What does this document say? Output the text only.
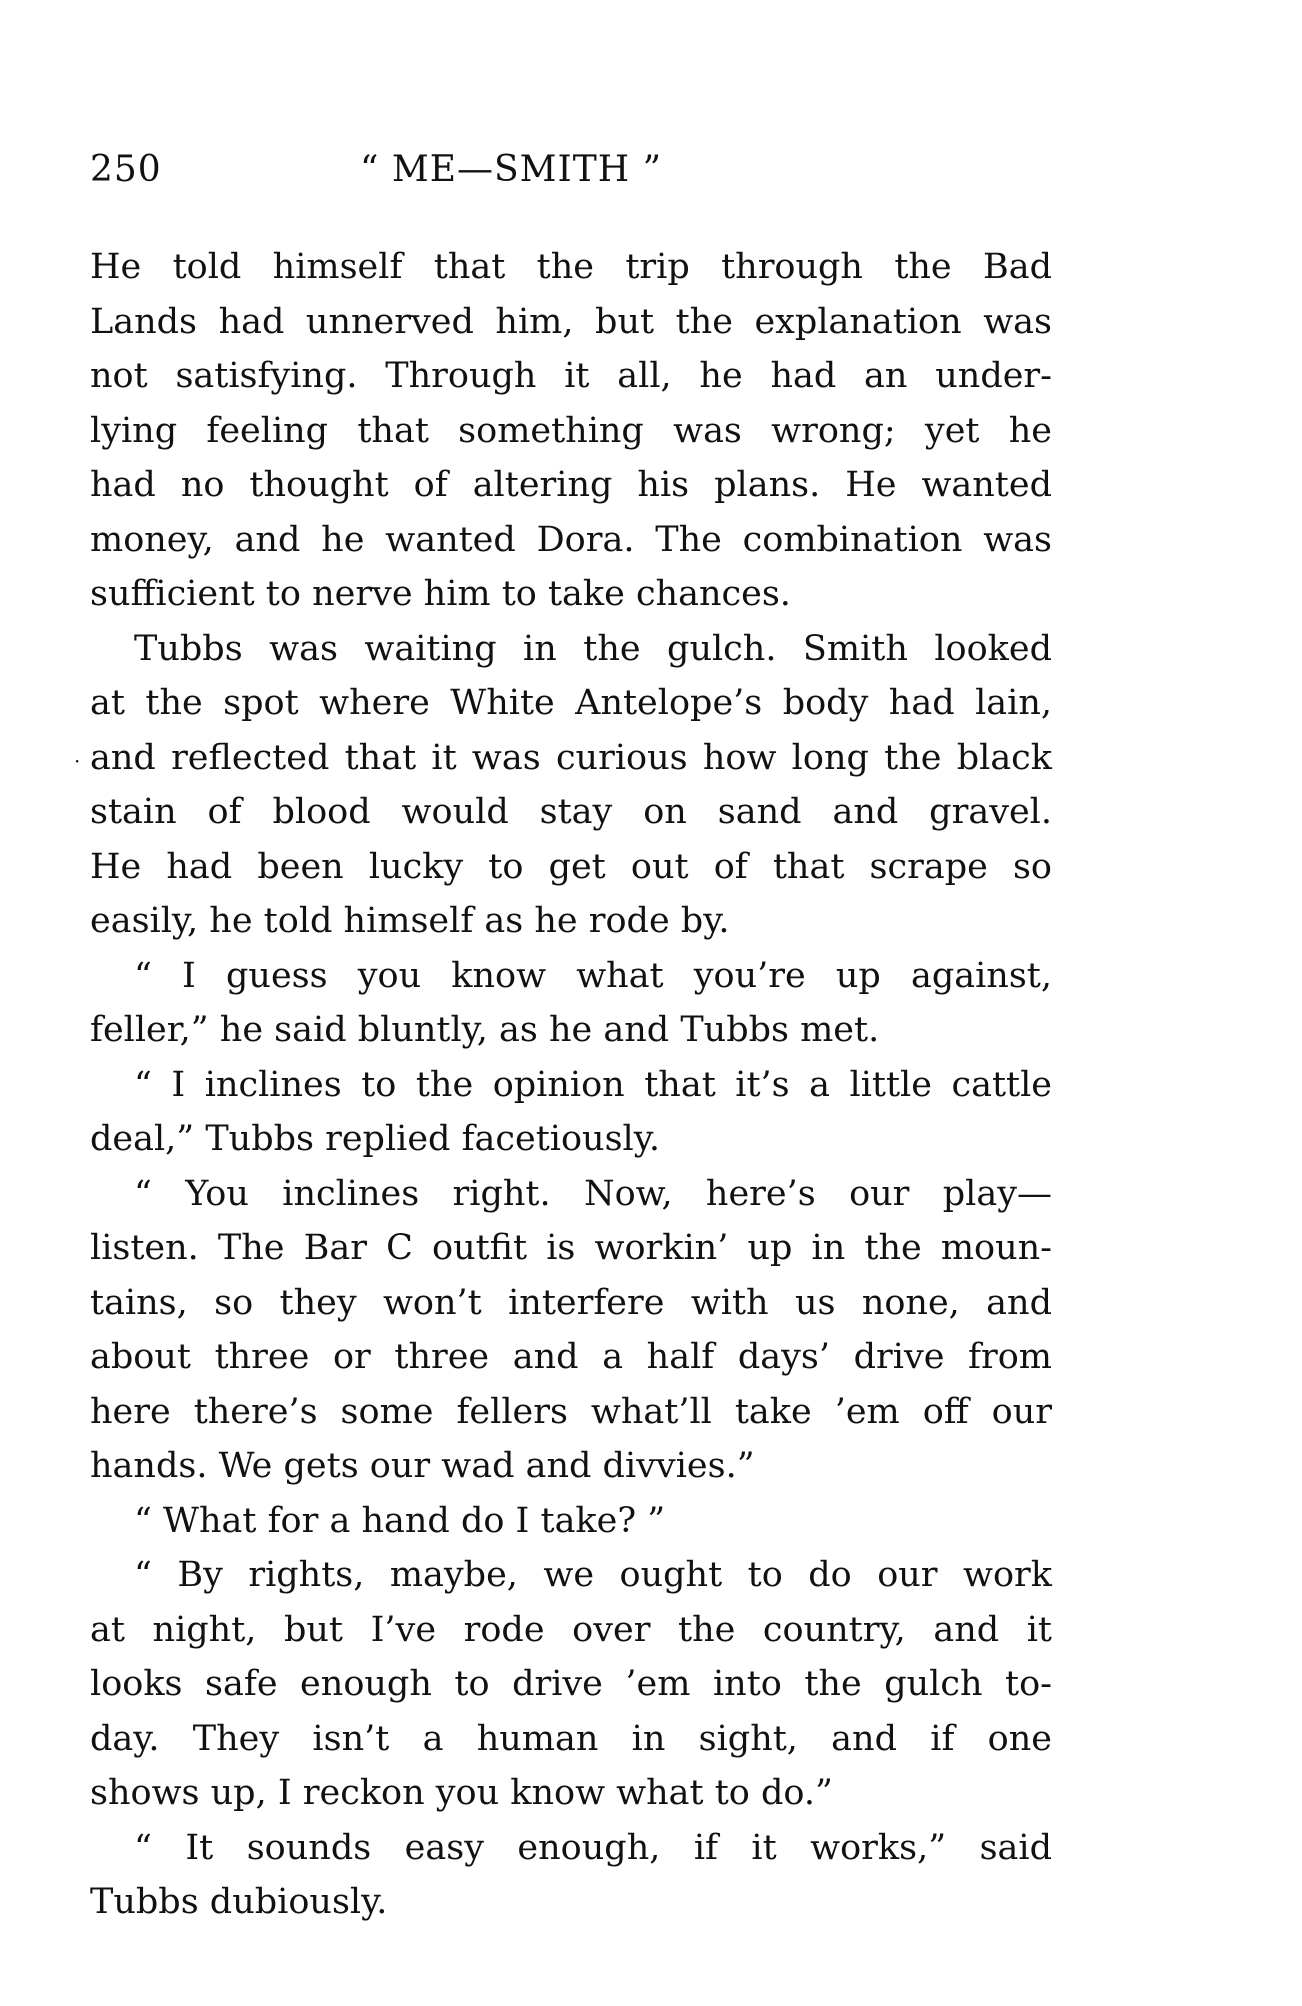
250	“ ME—SMITH ”
·
He told himself that the trip through the Bad
Lands had unnerved him, but the explanation was
not satisfying. Through it all, he had an under-
lying feeling that something was wrong; yet he
had no thought of altering his plans. He wanted
money, and he wanted Dora. The combination was
sufficient to nerve him to take chances.
Tubbs was waiting in the gulch. Smith looked
at the spot where White Antelope’s body had lain,
and reflected that it was curious how long the black
stain of blood would stay on sand and gravel.
He had been lucky to get out of that scrape so
easily, he told himself as he rode by.
“ I guess you know what you’re up against,
feller,” he said bluntly, as he and Tubbs met.
“ I inclines to the opinion that it’s a little cattle
deal,” Tubbs replied facetiously.
“ You inclines right. Now, here’s our play—
listen. The Bar C outfit is workin’ up in the moun-
tains, so they won’t interfere with us none, and
about three or three and a half days’ drive from
here there’s some fellers what’ll take ’em off our
hands. We gets our wad and divvies.”
“ What for a hand do I take? ”
“ By rights, maybe, we ought to do our work
at night, but I’ve rode over the country, and it
looks safe enough to drive ’em into the gulch to-
day. They isn’t a human in sight, and if one
shows up, I reckon you know what to do.”
“ It sounds easy enough, if it works,” said
Tubbs dubiously.
